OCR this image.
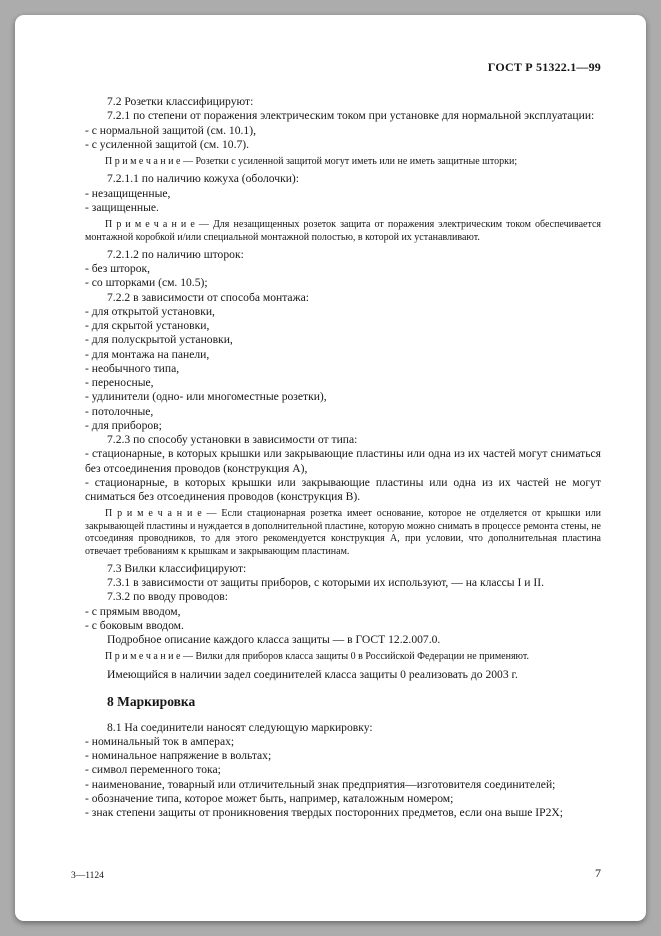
ГОСТ Р 51322.1—99

7.2 Розетки классифицируют:

7.2.1 по степени от поражения электрическим током при установке для нормальной эксплуатации:

- с нормальной защитой (см. 10.1),

- с усиленной защитой (см. 10.7).

П р и м е ч а н и е — Розетки с усиленной защитой могут иметь или не иметь защитные шторки;

7.2.1.1 по наличию кожуха (оболочки):

- незащищенные,

- защищенные.

П р и м е ч а н и е — Для незащищенных розеток защита от поражения электрическим током обеспечивается монтажной коробкой и/или специальной монтажной полостью, в которой их устанавливают.

7.2.1.2 по наличию шторок:

- без шторок,

- со шторками (см. 10.5);

7.2.2 в зависимости от способа монтажа:

- для открытой установки,

- для скрытой установки,

- для полускрытой установки,

- для монтажа на панели,

- необычного типа,

- переносные,

- удлинители (одно- или многоместные розетки),

- потолочные,

- для приборов;

7.2.3 по способу установки в зависимости от типа:

- стационарные, в которых крышки или закрывающие пластины или одна из их частей могут сниматься без отсоединения проводов (конструкция А),

- стационарные, в которых крышки или закрывающие пластины или одна из их частей не могут сниматься без отсоединения проводов (конструкция В).

П р и м е ч а н и е — Если стационарная розетка имеет основание, которое не отделяется от крышки или закрывающей пластины и нуждается в дополнительной пластине, которую можно снимать в процессе ремонта стены, не отсоединяя проводников, то для этого рекомендуется конструкция А, при условии, что дополнительная пластина отвечает требованиям к крышкам и закрывающим пластинам.

7.3 Вилки классифицируют:

7.3.1 в зависимости от защиты приборов, с которыми их используют, — на классы I и II.

7.3.2 по вводу проводов:

- с прямым вводом,

- с боковым вводом.

Подробное описание каждого класса защиты — в ГОСТ 12.2.007.0.

П р и м е ч а н и е — Вилки для приборов класса защиты 0 в Российской Федерации не применяют.

Имеющийся в наличии задел соединителей класса защиты 0 реализовать до 2003 г.

8 Маркировка

8.1 На соединители наносят следующую маркировку:

- номинальный ток в амперах;

- номинальное напряжение в вольтах;

- символ переменного тока;

- наименование, товарный или отличительный знак предприятия—изготовителя соединителей;

- обозначение типа, которое может быть, например, каталожным номером;

- знак степени защиты от проникновения твердых посторонних предметов, если она выше IP2X;

3—1124	7
